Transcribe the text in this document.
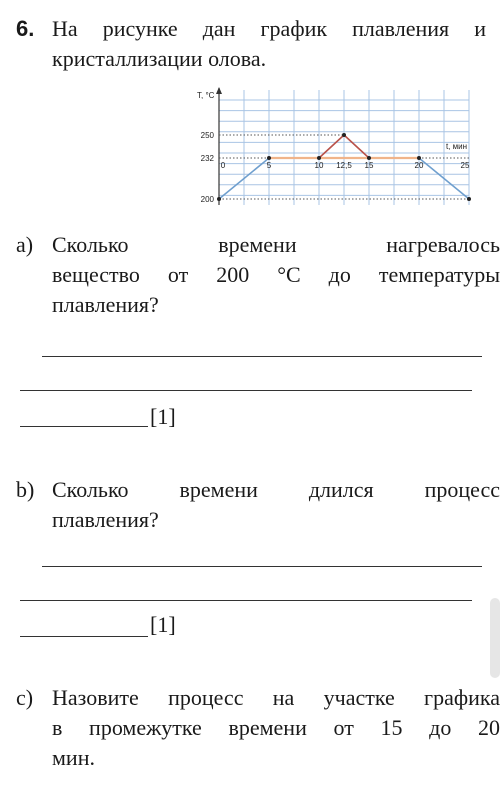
6. На рисунке дан график плавления и
кристаллизации олова.
T, °C
250
232
200
0	5	10 12,5 15	20	25
t, мин
a) Сколько времени нагревалось
вещество от 200 °C до температуры
плавления?
[1]
b) Сколько времени длился процесс
плавления?
[1]
c) Назовите процесс на участке графика
в промежутке времени от 15 до 20
мин.
